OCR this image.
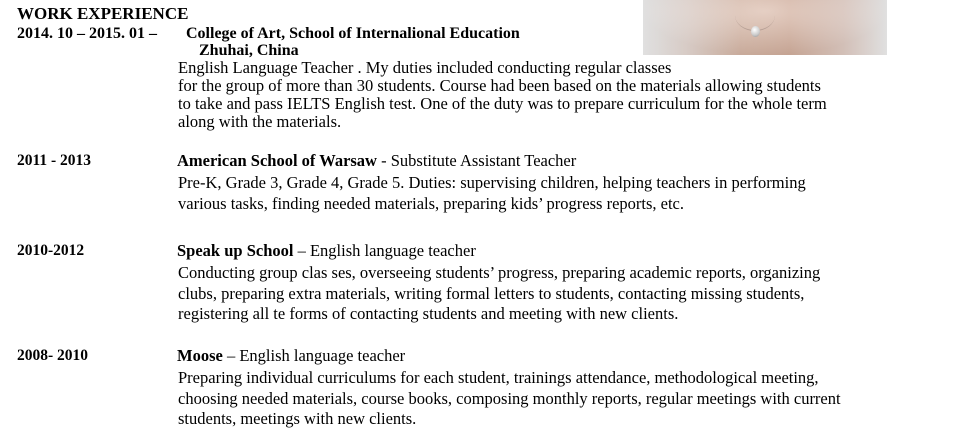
WORK EXPERIENCE
2014. 10 – 2015. 01 – College of Art, School of Internalional Education
Zhuhai, China
English Language Teacher . My duties included conducting regular classes
for the group of more than 30 students. Course had been based on the materials allowing students
to take and pass IELTS English test. One of the duty was to prepare curriculum for the whole term
along with the materials.
2011 - 2013	American School of Warsaw - Substitute Assistant Teacher
Pre-K, Grade 3, Grade 4, Grade 5. Duties: supervising children, helping teachers in performing
various tasks, finding needed materials, preparing kids’ progress reports, etc.
2010-2012	Speak up School – English language teacher
Conducting group clas ses, overseeing students’ progress, preparing academic reports, organizing
clubs, preparing extra materials, writing formal letters to students, contacting missing students,
registering all te forms of contacting students and meeting with new clients.
2008- 2010	Moose – English language teacher
Preparing individual curriculums for each student, trainings attendance, methodological meeting,
choosing needed materials, course books, composing monthly reports, regular meetings with current
students, meetings with new clients.
